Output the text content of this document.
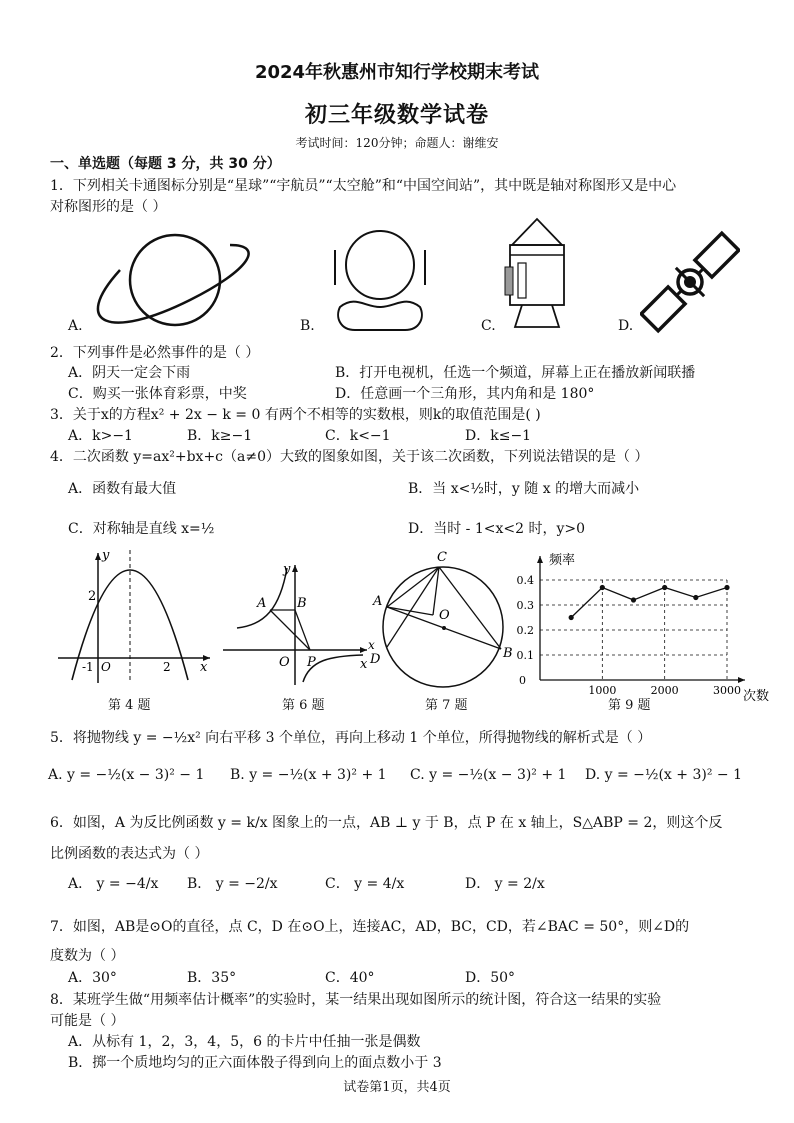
2024年秋惠州市知行学校期末考试
初三年级数学试卷
考试时间：120分钟；命题人：谢维安
一、单选题（每题 3 分，共 30 分）
1．下列相关卡通图标分别是“星球”“宇航员”“太空舱”和“中国空间站”，其中既是轴对称图形又是中心
对称图形的是（ ）
A.	B.	C.	D.
2．下列事件是必然事件的是（ ）
A．阴天一定会下雨	B．打开电视机，任选一个频道，屏幕上正在播放新闻联播
C．购买一张体育彩票，中奖	D．任意画一个三角形，其内角和是 180°
3．关于x的方程x² + 2x − k = 0 有两个不相等的实数根，则k的取值范围是( )
A．k>−1	B．k≥−1	C．k<−1	D．k≤−1
4．二次函数 y=ax²+bx+c（a≠0）大致的图象如图，关于该二次函数，下列说法错误的是（ ）
A．函数有最大值	B．当 x<½时，y 随 x 的增大而减小
C．对称轴是直线 x=½	D．当时 - 1<x<2 时，y>0
y
x
2
-1 O	2
第 4 题
A B
y
x
O P
第 6 题
C
A
O
x
D	B
第 7 题
0.4
0.3
0.2
0.1
0
1000	2000	3000
频率
次数
第 9 题
5．将抛物线 y = −½x² 向右平移 3 个单位，再向上移动 1 个单位，所得抛物线的解析式是（ ）
A. y = −½(x − 3)² − 1 B. y = −½(x + 3)² + 1 C. y = −½(x − 3)² + 1 D. y = −½(x + 3)² − 1
6．如图，A 为反比例函数 y = k/x 图象上的一点，AB ⊥ y 于 B，点 P 在 x 轴上，S△ABP = 2，则这个反
比例函数的表达式为（ ）
A． y = −4/x B． y = −2/x	C． y = 4/x	D． y = 2/x
7．如图，AB是⊙O的直径，点 C，D 在⊙O上，连接AC，AD，BC，CD，若∠BAC = 50°，则∠D的
度数为（ ）
A．30°	B．35°	C．40°	D．50°
8．某班学生做“用频率估计概率”的实验时，某一结果出现如图所示的统计图，符合这一结果的实验
可能是（ ）
A．从标有 1，2，3，4，5，6 的卡片中任抽一张是偶数
B．掷一个质地均匀的正六面体骰子得到向上的面点数小于 3
试卷第1页，共4页
